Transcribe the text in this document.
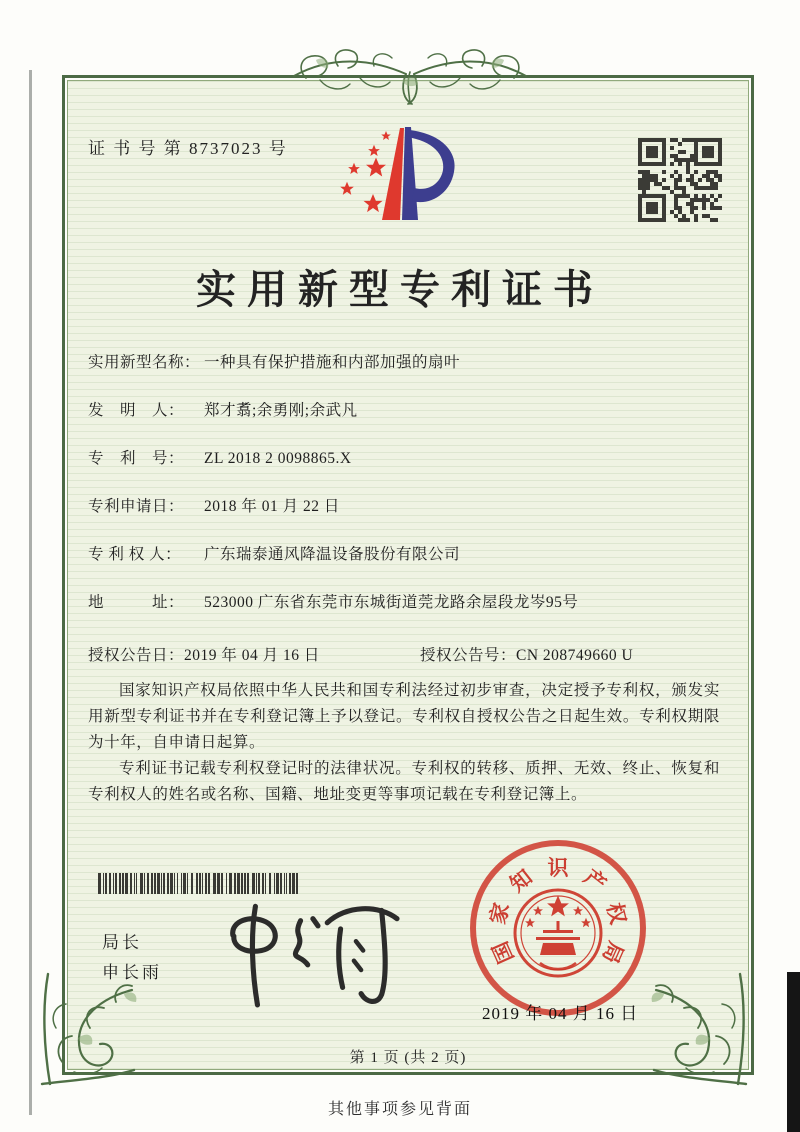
证 书 号 第 8737023 号
实用新型专利证书
实用新型名称： 一种具有保护措施和内部加强的扇叶
发　明　人： 郑才翥;余勇刚;余武凡
专　利　号： ZL 2018 2 0098865.X
专利申请日： 2018 年 01 月 22 日
专 利 权 人： 广东瑞泰通风降温设备股份有限公司
地　　　址： 523000 广东省东莞市东城街道莞龙路余屋段龙岑95号
授权公告日：2019 年 04 月 16 日	授权公告号：CN 208749660 U

国家知识产权局依照中华人民共和国专利法经过初步审查，决定授予专利权，颁发实用新型专利证书并在专利登记簿上予以登记。专利权自授权公告之日起生效。专利权期限为十年，自申请日起算。

专利证书记载专利权登记时的法律状况。专利权的转移、质押、无效、终止、恢复和专利权人的姓名或名称、国籍、地址变更等事项记载在专利登记簿上。

局长
申长雨
国
家
知 识 产
权
局
2019 年 04 月 16 日
第 1 页 (共 2 页)
其他事项参见背面
